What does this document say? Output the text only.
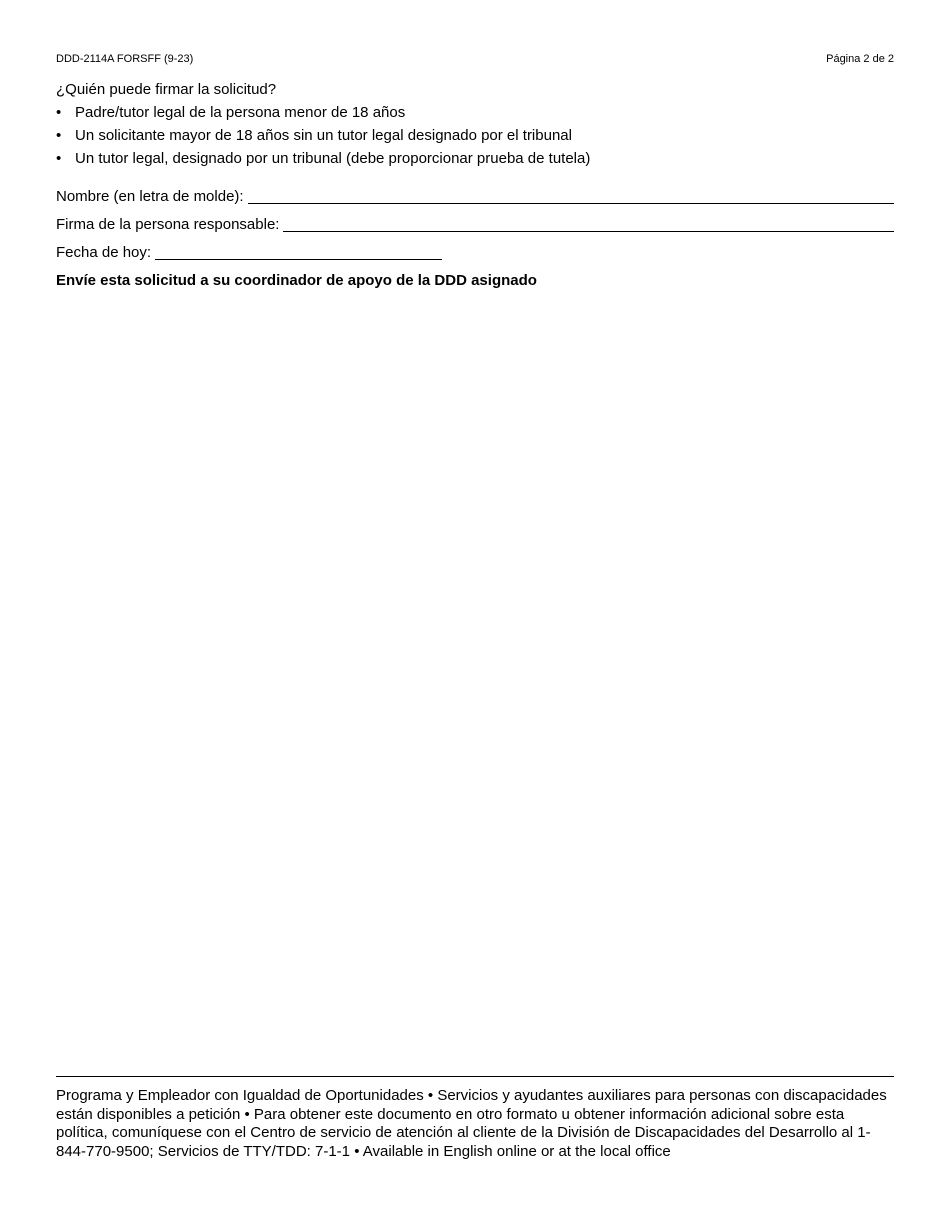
DDD-2114A FORSFF (9-23)	Página 2 de 2
¿Quién puede firmar la solicitud?
• Padre/tutor legal de la persona menor de 18 años
• Un solicitante mayor de 18 años sin un tutor legal designado por el tribunal
• Un tutor legal, designado por un tribunal (debe proporcionar prueba de tutela)
Nombre (en letra de molde):
Firma de la persona responsable:
Fecha de hoy:
Envíe esta solicitud a su coordinador de apoyo de la DDD asignado
Programa y Empleador con Igualdad de Oportunidades • Servicios y ayudantes auxiliares para personas con discapacidades están disponibles a petición • Para obtener este documento en otro formato u obtener información adicional sobre esta política, comuníquese con el Centro de servicio de atención al cliente de la División de Discapacidades del Desarrollo al 1-844-770-9500; Servicios de TTY/TDD: 7-1-1 • Available in English online or at the local office
